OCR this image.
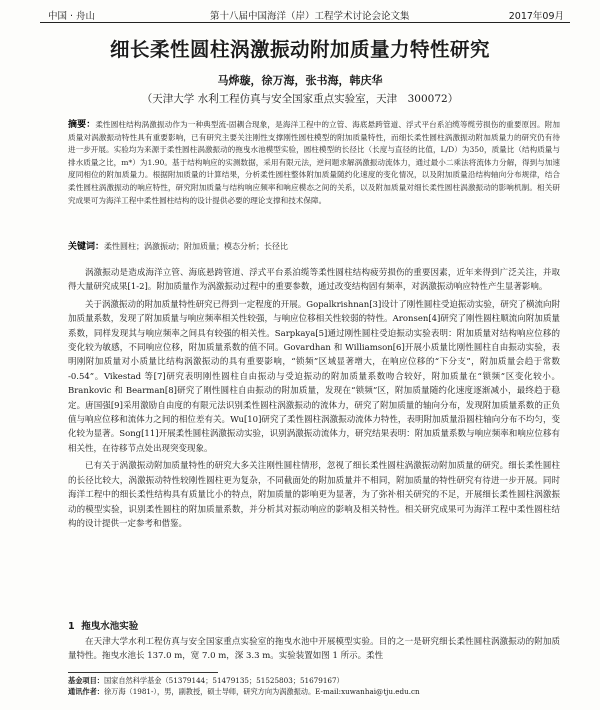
中国 · 舟山	第十八届中国海洋（岸）工程学术讨论会论文集	2017年09月
细长柔性圆柱涡激振动附加质量力特性研究
马烨璇，徐万海，张书海，韩庆华
（天津大学 水利工程仿真与安全国家重点实验室，天津　300072）
摘要：柔性圆柱结构涡激振动作为一种典型流-固耦合现象，是海洋工程中的立管、海底悬跨管道、浮式平台系泊缆等缆劳损伤的重要原因。附加质量对涡激振动特性具有重要影响，已有研究主要关注刚性支撑刚性圆柱模型的附加质量特性，而细长柔性圆柱涡激振动附加质量力的研究仍有待进一步开展。实验均为来源于柔性圆柱涡激振动的拖曳水池模型实验，圆柱模型的长径比（长度与直径的比值，L/D）为350，质量比（结构质量与排水质量之比，m*）为1.90。基于结构响应的实测数据，采用有限元法，逆问题求解涡激振动流体力，通过最小二乘法将流体力分解，得到与加速度同相位的附加质量力。根据附加质量的计算结果，分析柔性圆柱整体附加质量随约化速度的变化情况，以及附加质量沿结构轴向分布规律，结合柔性圆柱涡激振动的响应特性，研究附加质量与结构响应频率和响应模态之间的关系，以及附加质量对细长柔性圆柱涡激振动的影响机制。相关研究成果可为海洋工程中柔性圆柱结构的设计提供必要的理论支撑和技术保障。
关键词：柔性圆柱；涡激振动；附加质量；模态分析；长径比

涡激振动是造成海洋立管、海底悬跨管道、浮式平台系泊缆等柔性圆柱结构疲劳损伤的重要因素，近年来得到广泛关注，并取得大量研究成果[1-2]。附加质量作为涡激振动过程中的重要参数，通过改变结构固有频率，对涡激振动响应特性产生显著影响。

关于涡激振动的附加质量特性研究已得到一定程度的开展。Gopalkrishnan[3]设计了刚性圆柱受迫振动实验，研究了横流向附加质量系数，发现了附加质量与响应频率相关性较强，与响应位移相关性较弱的特性。Aronsen[4]研究了刚性圆柱顺流向附加质量系数，同样发现其与响应频率之间具有较强的相关性。Sarpkaya[5]通过刚性圆柱受迫振动实验表明：附加质量对结构响应位移的变化较为敏感，不同响应位移，附加质量系数的值不同。Govardhan 和 Williamson[6]开展小质量比刚性圆柱自由振动实验，表明刚附加质量对小质量比结构涡激振动的具有重要影响，“锁频”区域显著增大，在响应位移的“下分支”，附加质量会趋于常数 -0.54”。Vikestad 等[7]研究表明刚性圆柱自由振动与受迫振动的附加质量系数吻合较好，附加质量在“锁频”区变化较小。Brankovic 和 Bearman[8]研究了刚性圆柱自由振动的附加质量，发现在“锁频”区，附加质量随约化速度逐渐减小，最终趋于稳定。唐国强[9]采用激励自由度的有限元法识别柔性圆柱涡激振动的流体力，研究了附加质量的轴向分布，发现附加质量系数的正负值与响应位移和流体力之间的相位差有关。Wu[10]研究了柔性圆柱涡激振动流体力特性，表明附加质量沿圆柱轴向分布不均匀，变化较为显著。Song[11]开展柔性圆柱涡激振动实验，识别涡激振动流体力，研究结果表明：附加质量系数与响应频率和响应位移有相关性，在待移节点处出现突变现象。

已有关于涡激振动附加质量特性的研究大多关注刚性圆柱情形，忽视了细长柔性圆柱涡激振动附加质量的研究。细长柔性圆柱的长径比较大，涡激振动特性较刚性圆柱更为复杂，不同截面处的附加质量并不相同，附加质量的特性研究有待进一步开展。同时海洋工程中的细长柔性结构具有质量比小的特点，附加质量的影响更为显著，为了弥补相关研究的不足，开展细长柔性圆柱涡激振动的模型实验，识别柔性圆柱的附加质量系数，并分析其对振动响应的影响及相关特性。相关研究成果可为海洋工程中柔性圆柱结构的设计提供一定参考和借鉴。

1 拖曳水池实验
在天津大学水利工程仿真与安全国家重点实验室的拖曳水池中开展模型实验。目的之一是研究细长柔性圆柱涡激振动的附加质量特性。拖曳水池长 137.0 m，宽 7.0 m，深 3.3 m。实验装置如图 1 所示。柔性
基金项目：国家自然科学基金（51379144；51479135；51525803；51679167）
通讯作者：徐万海（1981-），男，副教授，硕士导师，研究方向为涡激振动。E-mail:xuwanhai@tju.edu.cn
